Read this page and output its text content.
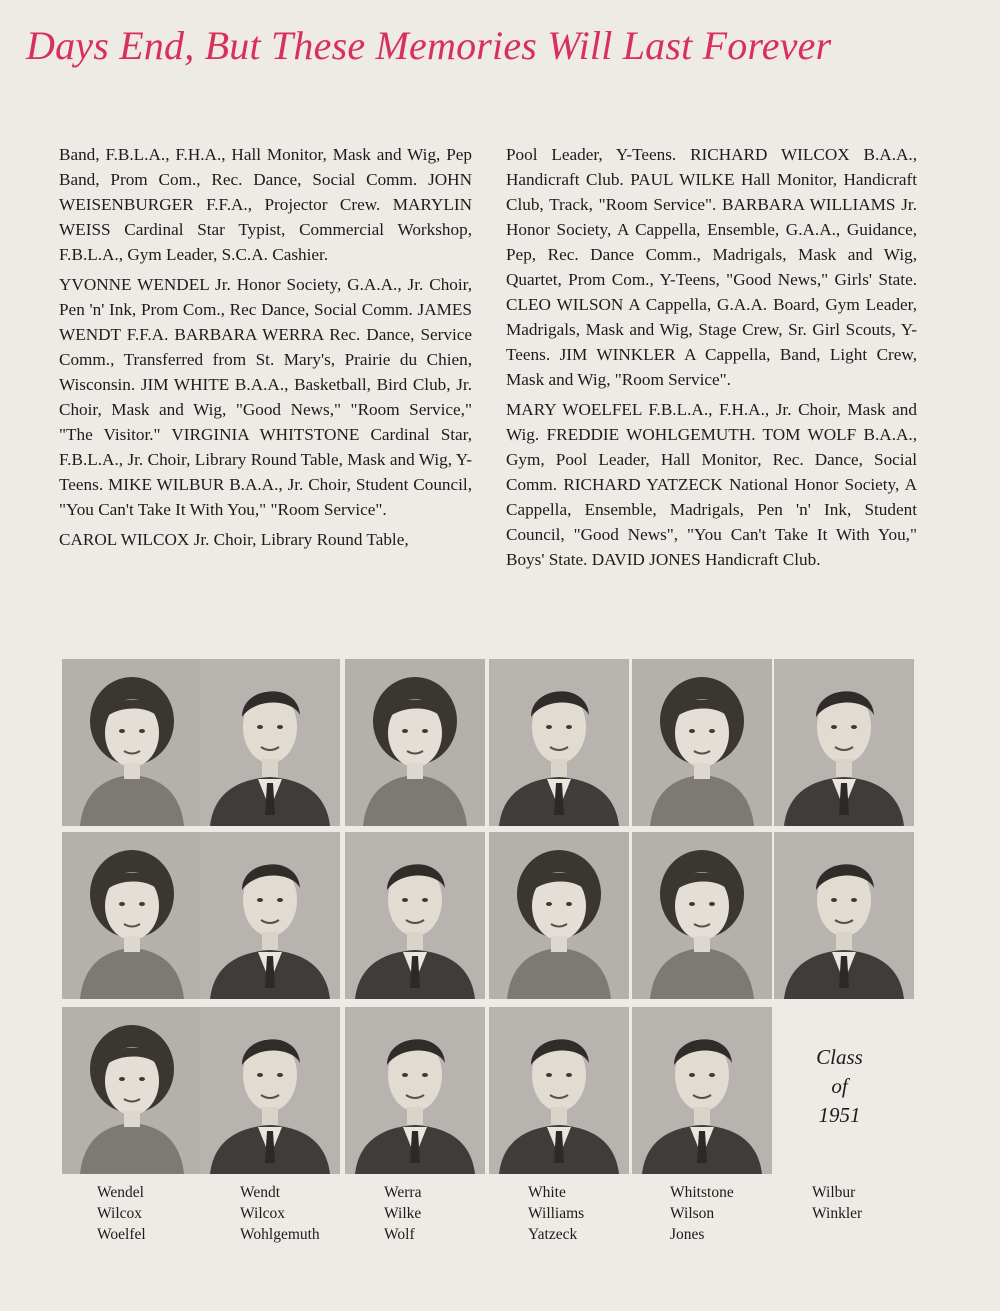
Days End, But These Memories Will Last Forever

Band, F.B.L.A., F.H.A., Hall Monitor, Mask and Wig, Pep Band, Prom Com., Rec. Dance, Social Comm. JOHN WEISENBURGER F.F.A., Projector Crew. MARYLIN WEISS Cardinal Star Typist, Commercial Workshop, F.B.L.A., Gym Leader, S.C.A. Cashier.

YVONNE WENDEL Jr. Honor Society, G.A.A., Jr. Choir, Pen 'n' Ink, Prom Com., Rec Dance, Social Comm. JAMES WENDT F.F.A. BARBARA WERRA Rec. Dance, Service Comm., Transferred from St. Mary's, Prairie du Chien, Wisconsin. JIM WHITE B.A.A., Basketball, Bird Club, Jr. Choir, Mask and Wig, "Good News," "Room Service," "The Visitor." VIRGINIA WHITSTONE Cardinal Star, F.B.L.A., Jr. Choir, Library Round Table, Mask and Wig, Y-Teens. MIKE WILBUR B.A.A., Jr. Choir, Student Council, "You Can't Take It With You," "Room Service".

CAROL WILCOX Jr. Choir, Library Round Table,

Pool Leader, Y-Teens. RICHARD WILCOX B.A.A., Handicraft Club. PAUL WILKE Hall Monitor, Handicraft Club, Track, "Room Service". BARBARA WILLIAMS Jr. Honor Society, A Cappella, Ensemble, G.A.A., Guidance, Pep, Rec. Dance Comm., Madrigals, Mask and Wig, Quartet, Prom Com., Y-Teens, "Good News," Girls' State. CLEO WILSON A Cappella, G.A.A. Board, Gym Leader, Madrigals, Mask and Wig, Stage Crew, Sr. Girl Scouts, Y-Teens. JIM WINKLER A Cappella, Band, Light Crew, Mask and Wig, "Room Service".

MARY WOELFEL F.B.L.A., F.H.A., Jr. Choir, Mask and Wig. FREDDIE WOHLGEMUTH. TOM WOLF B.A.A., Gym, Pool Leader, Hall Monitor, Rec. Dance, Social Comm. RICHARD YATZECK National Honor Society, A Cappella, Ensemble, Madrigals, Pen 'n' Ink, Student Council, "Good News", "You Can't Take It With You," Boys' State. DAVID JONES Handicraft Club.

Class
of
1951
Wendel
Wilcox
Woelfel
Wendt
Wilcox
Wohlgemuth
Werra
Wilke
Wolf
White
Williams
Yatzeck
Whitstone
Wilson
Jones
Wilbur
Winkler
